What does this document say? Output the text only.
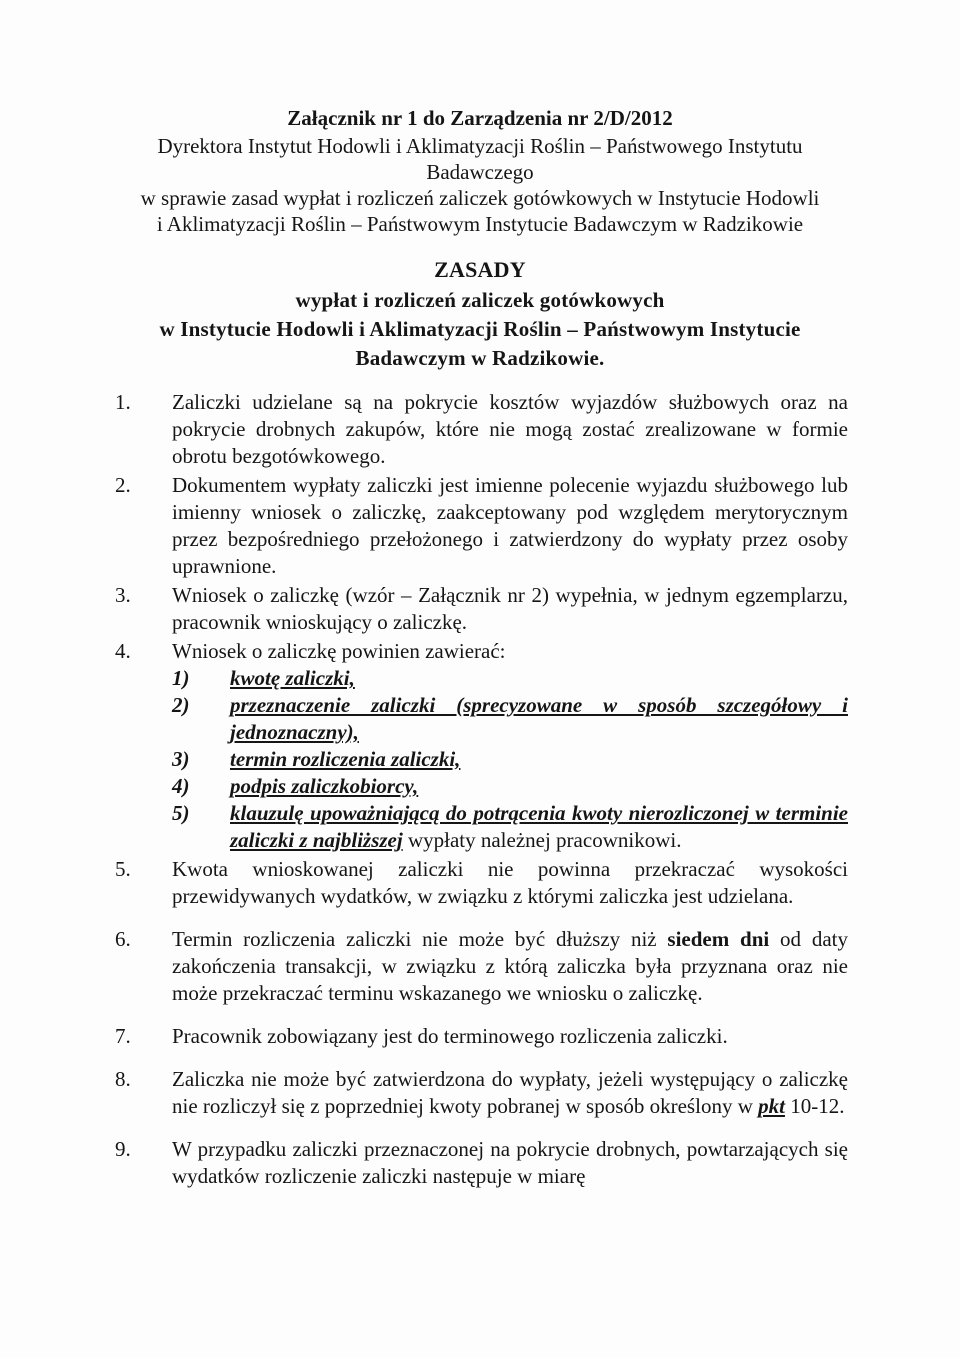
Załącznik nr 1 do Zarządzenia nr 2/D/2012
Dyrektora Instytut Hodowli i Aklimatyzacji Roślin – Państwowego Instytutu
Badawczego
w sprawie zasad wypłat i rozliczeń zaliczek gotówkowych w Instytucie Hodowli
i Aklimatyzacji Roślin – Państwowym Instytucie Badawczym w Radzikowie
ZASADY
wypłat i rozliczeń zaliczek gotówkowych
w Instytucie Hodowli i Aklimatyzacji Roślin – Państwowym Instytucie
Badawczym w Radzikowie.
1.	Zaliczki udzielane są na pokrycie kosztów wyjazdów służbowych oraz na pokrycie drobnych zakupów, które nie mogą zostać zrealizowane w formie obrotu bezgotówkowego.
2.	Dokumentem wypłaty zaliczki jest imienne polecenie wyjazdu służbowego lub imienny wniosek o zaliczkę, zaakceptowany pod względem merytorycznym przez bezpośredniego przełożonego i zatwierdzony do wypłaty przez osoby uprawnione.
3.	Wniosek o zaliczkę (wzór – Załącznik nr 2) wypełnia, w jednym egzemplarzu, pracownik wnioskujący o zaliczkę.
4.	Wniosek o zaliczkę powinien zawierać:
1)	kwotę zaliczki,
2)	przeznaczenie zaliczki (sprecyzowane w sposób szczegółowy i jednoznaczny),
3)	termin rozliczenia zaliczki,
4)	podpis zaliczkobiorcy,
5)	klauzulę upoważniającą do potrącenia kwoty nierozliczonej w terminie zaliczki z najbliższej wypłaty należnej pracownikowi.
5.	Kwota wnioskowanej zaliczki nie powinna przekraczać wysokości przewidywanych wydatków, w związku z którymi zaliczka jest udzielana.
6.	Termin rozliczenia zaliczki nie może być dłuższy niż siedem dni od daty zakończenia transakcji, w związku z którą zaliczka była przyznana oraz nie może przekraczać terminu wskazanego we wniosku o zaliczkę.
7.	Pracownik zobowiązany jest do terminowego rozliczenia zaliczki.
8.	Zaliczka nie może być zatwierdzona do wypłaty, jeżeli występujący o zaliczkę nie rozliczył się z poprzedniej kwoty pobranej w sposób określony w pkt 10-12.
9.	W przypadku zaliczki przeznaczonej na pokrycie drobnych, powtarzających się wydatków rozliczenie zaliczki następuje w miarę
